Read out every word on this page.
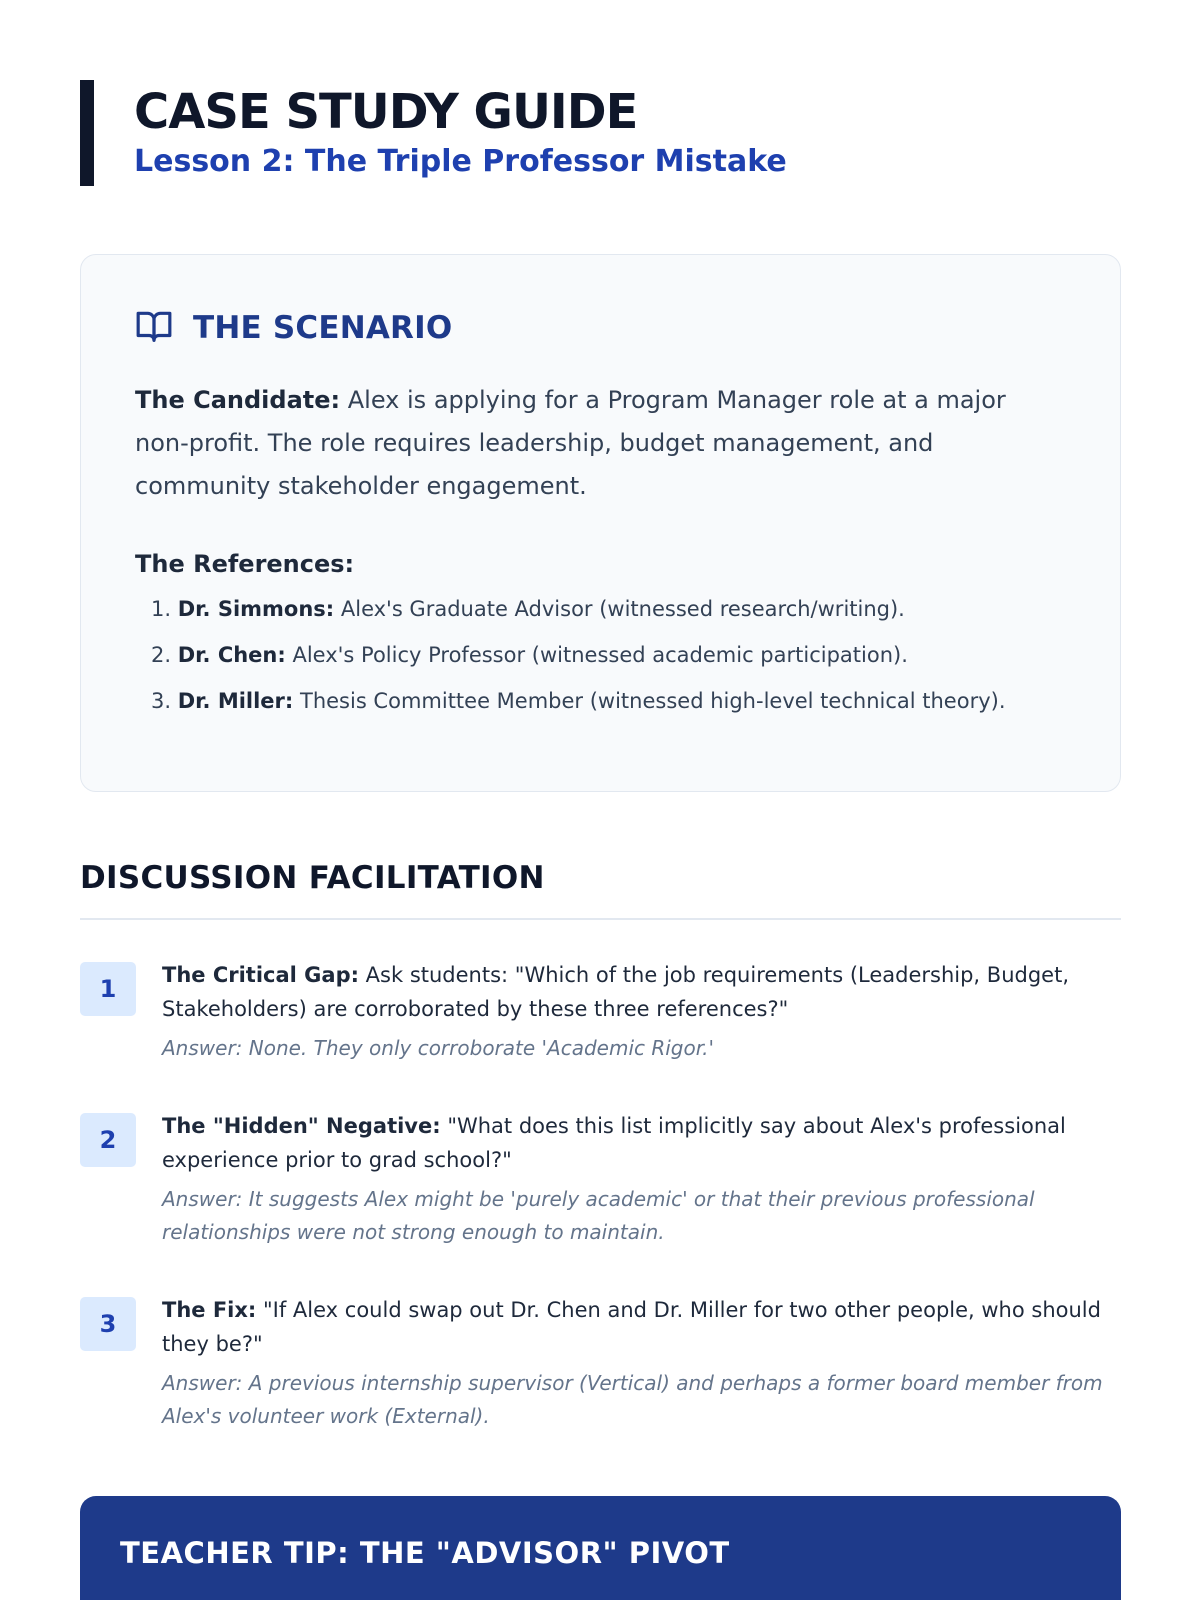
CASE STUDY GUIDE
Lesson 2: The Triple Professor Mistake
THE SCENARIO

The Candidate: Alex is applying for a Program Manager role at a major non-profit. The role requires leadership, budget management, and community stakeholder engagement.

The References:
1. Dr. Simmons: Alex's Graduate Advisor (witnessed research/writing).
2. Dr. Chen: Alex's Policy Professor (witnessed academic participation).
3. Dr. Miller: Thesis Committee Member (witnessed high-level technical theory).
DISCUSSION FACILITATION
1	The Critical Gap: Ask students: "Which of the job requirements (Leadership, Budget, Stakeholders) are corroborated by these three references?"

Answer: None. They only corroborate 'Academic Rigor.'

2	The "Hidden" Negative: "What does this list implicitly say about Alex's professional experience prior to grad school?"

Answer: It suggests Alex might be 'purely academic' or that their previous professional relationships were not strong enough to maintain.

3	The Fix: "If Alex could swap out Dr. Chen and Dr. Miller for two other people, who should they be?"

Answer: A previous internship supervisor (Vertical) and perhaps a former board member from Alex's volunteer work (External).

TEACHER TIP: THE "ADVISOR" PIVOT
